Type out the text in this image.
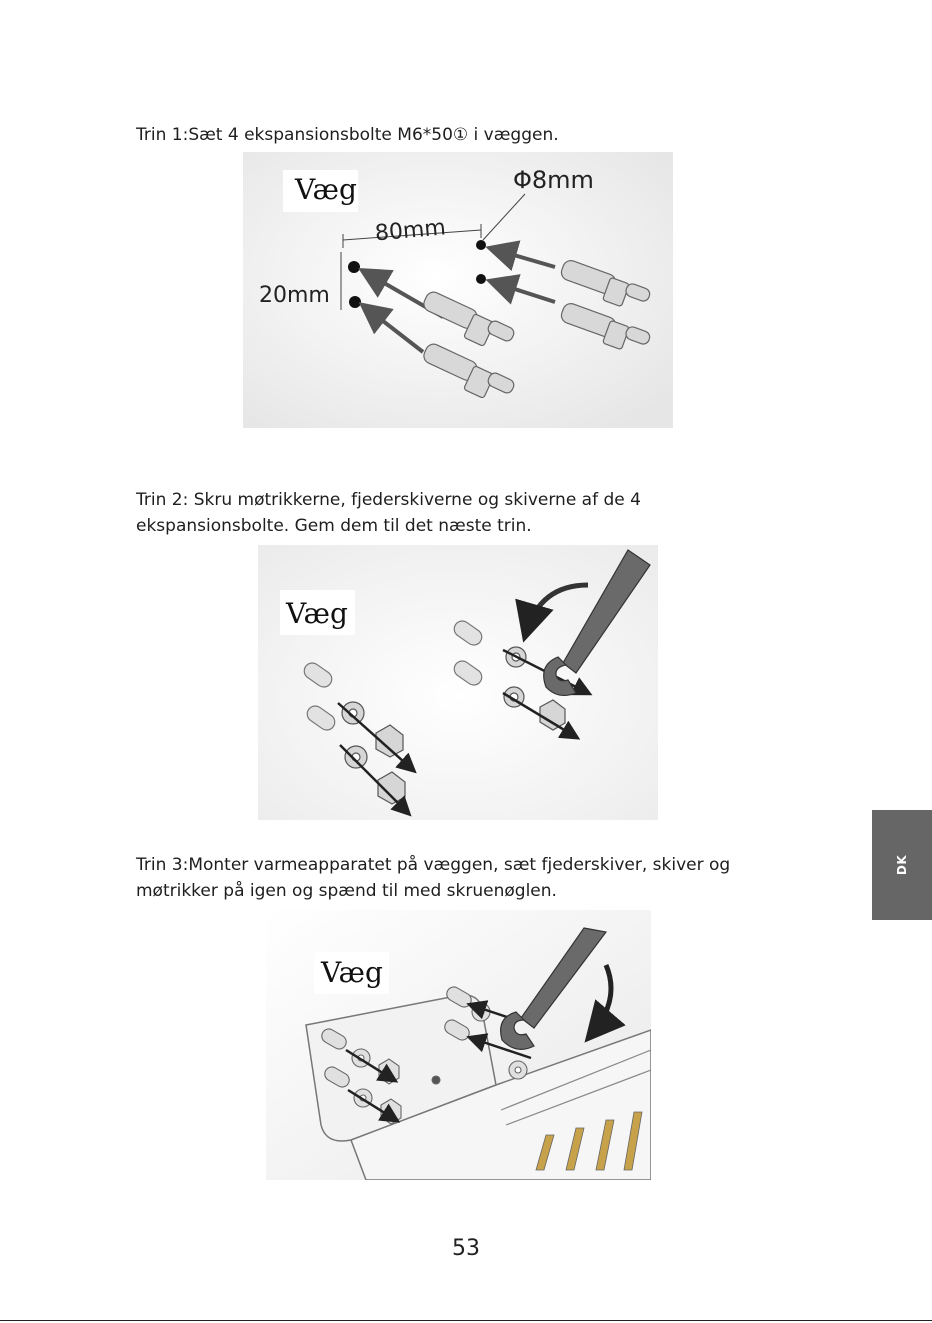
Trin 1:Sæt 4 ekspansionsbolte M6*50① i væggen.

Væg
80mm
20mm
Φ8mm

Trin 2: Skru møtrikkerne, fjederskiverne og skiverne af de 4 ekspansionsbolte. Gem dem til det næste trin.

Væg

Trin 3:Monter varmeapparatet på væggen, sæt fjederskiver, skiver og møtrikker på igen og spænd til med skruenøglen.

Væg
DK
53
